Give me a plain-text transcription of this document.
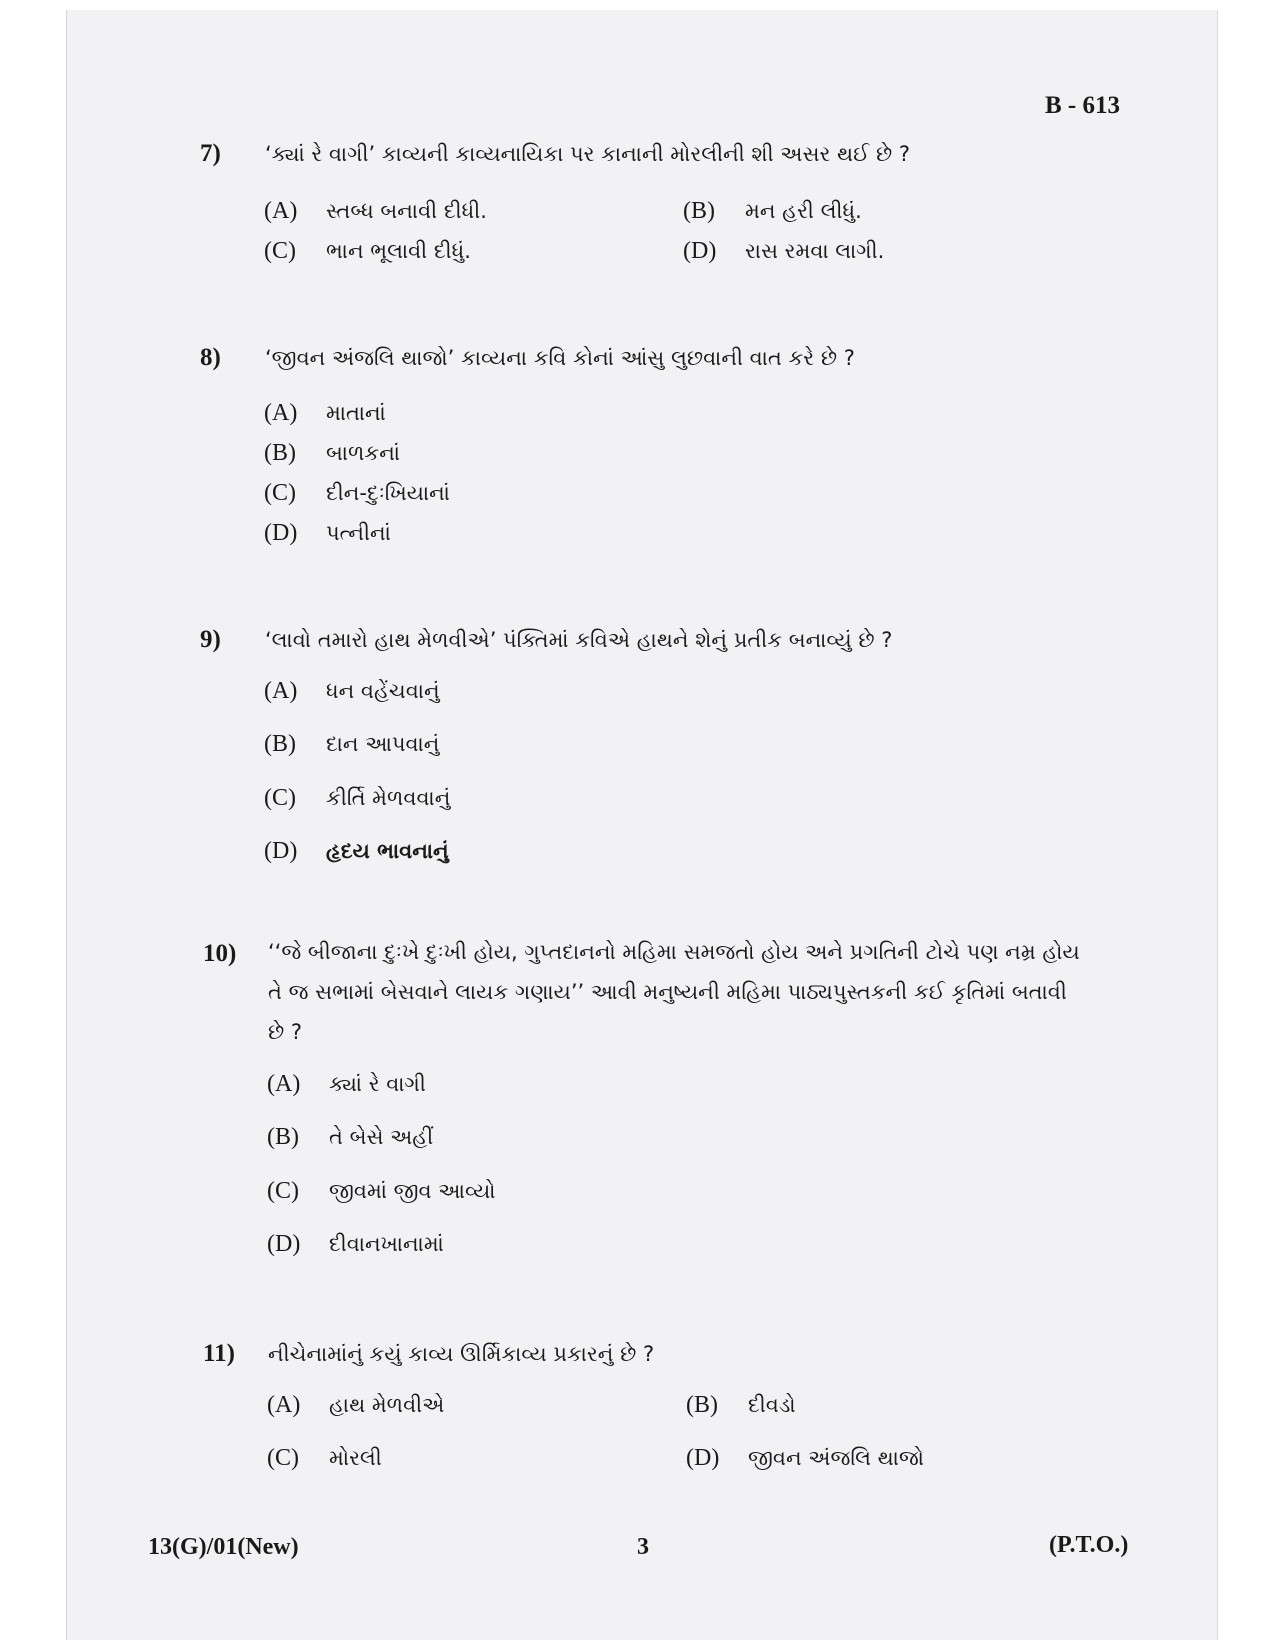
B - 613
7) ‘ક્યાં રે વાગી’ કાવ્યની કાવ્યનાયિકા પર કાનાની મોરલીની શી અસર થઈ છે ?
(A) સ્તબ્ધ બનાવી દીધી.	(B) મન હરી લીધું.
(C) ભાન ભૂલાવી દીધું.	(D) રાસ રમવા લાગી.
8) ‘જીવન અંજલિ થાજો’ કાવ્યના કવિ કોનાં આંસુ લુછવાની વાત કરે છે ?
(A) માતાનાં
(B) બાળકનાં
(C) દીન-દુઃખિયાનાં
(D) પત્નીનાં
9) ‘લાવો તમારો હાથ મેળવીએ’ પંક્તિમાં કવિએ હાથને શેનું પ્રતીક બનાવ્યું છે ?
(A) ધન વહેંચવાનું
(B) દાન આપવાનું
(C) કીર્તિ મેળવવાનું
(D) હૃદય ભાવનાનું
10) ‘‘જે બીજાના દુઃખે દુઃખી હોય, ગુપ્તદાનનો મહિમા સમજતો હોય અને પ્રગતિની ટોચે પણ નમ્ર હોય તે જ સભામાં બેસવાને લાયક ગણાય’’ આવી મનુષ્યની મહિમા પાઠ્યપુસ્તકની કઈ કૃતિમાં બતાવી છે ?
(A) ક્યાં રે વાગી
(B) તે બેસે અહીં
(C) જીવમાં જીવ આવ્યો
(D) દીવાનખાનામાં
11) નીચેનામાંનું કયું કાવ્ય ઊર્મિકાવ્ય પ્રકારનું છે ?
(A) હાથ મેળવીએ	(B) દીવડો
(C) મોરલી	(D) જીવન અંજલિ થાજો
13(G)/01(New)	3	(P.T.O.)
